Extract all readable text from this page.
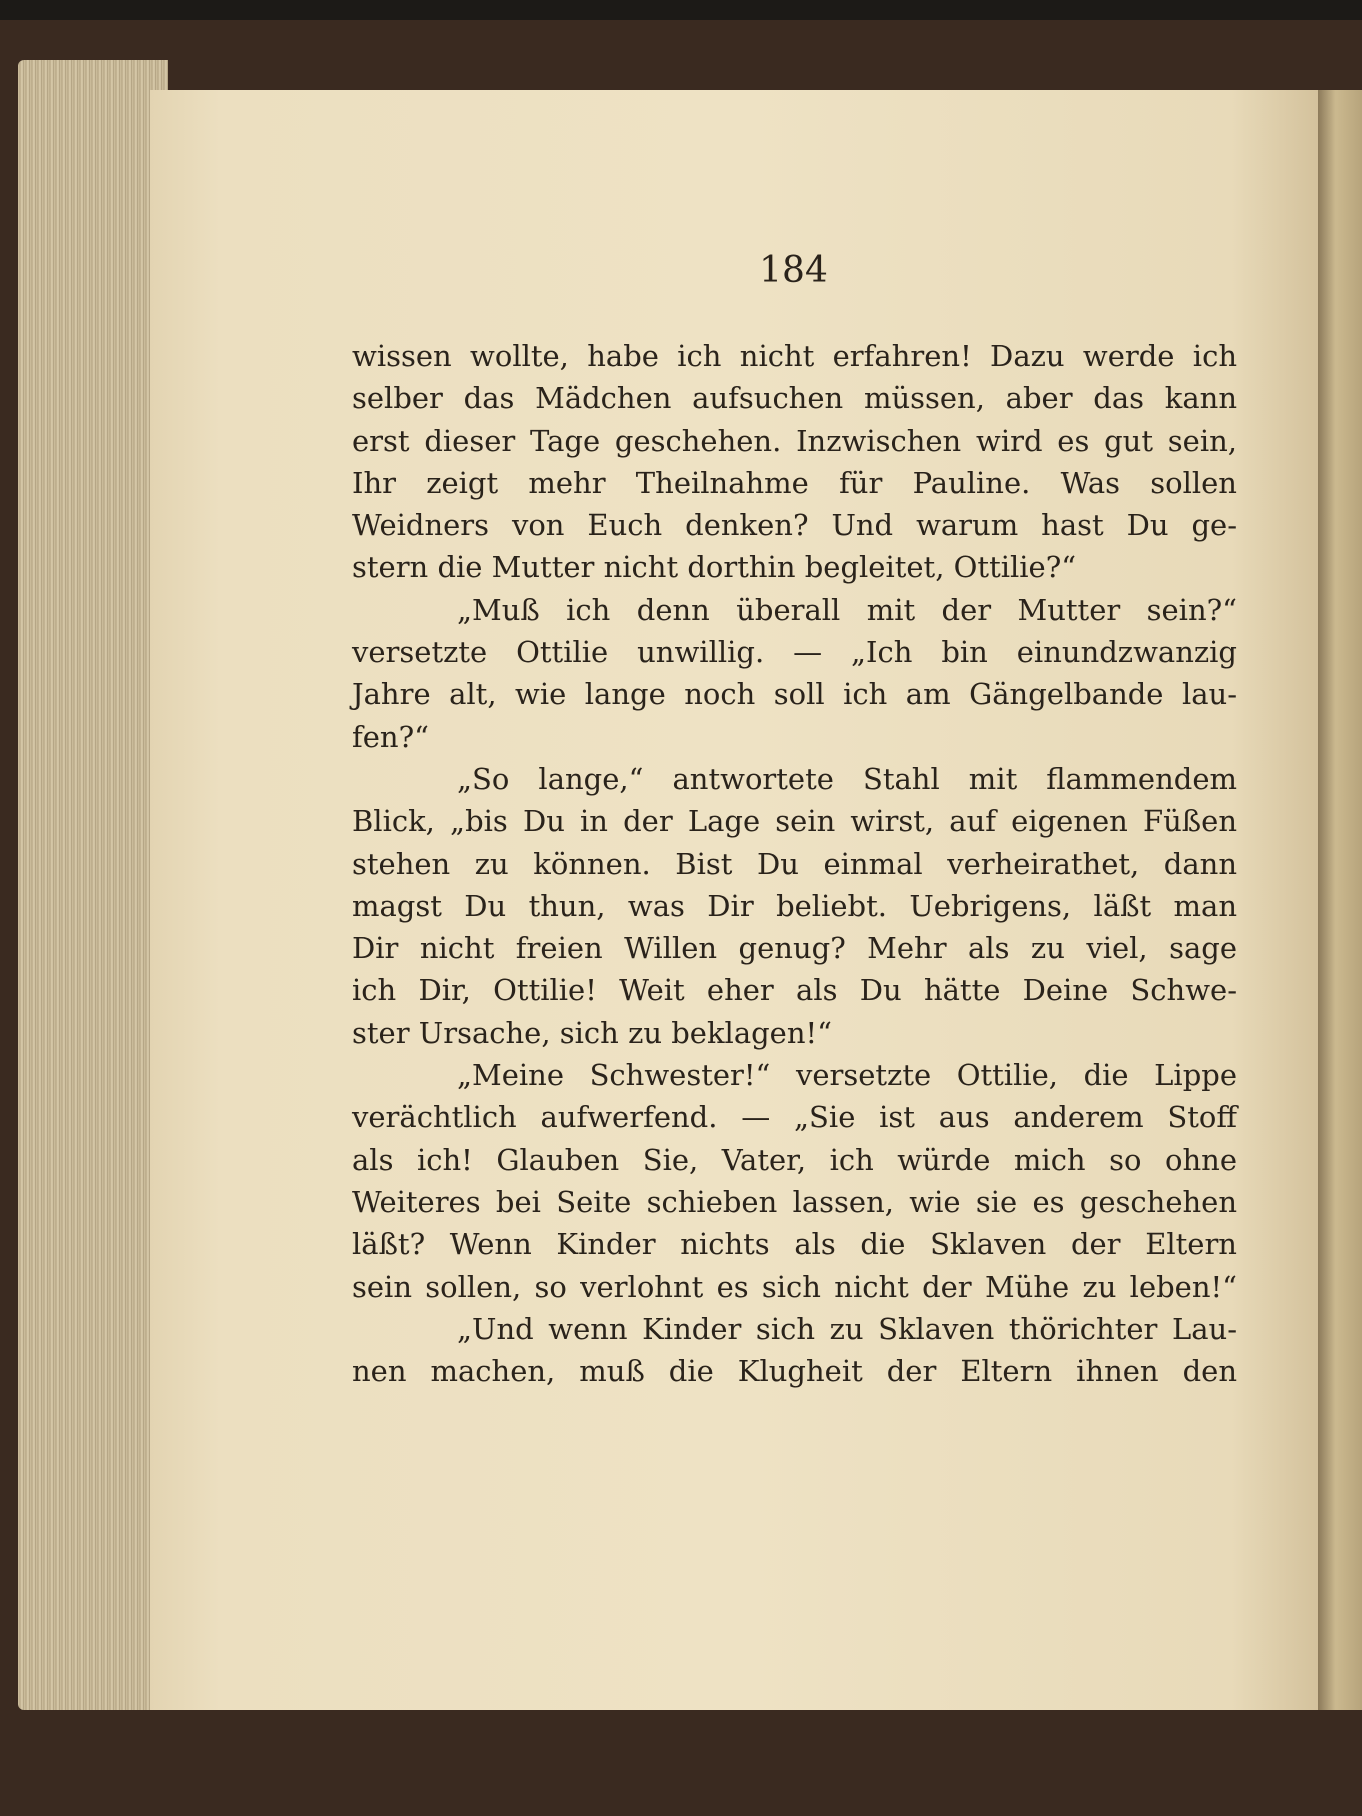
184
wissen wollte, habe ich nicht erfahren! Dazu werde ich
selber das Mädchen aufsuchen müssen, aber das kann
erst dieser Tage geschehen. Inzwischen wird es gut sein,
Ihr zeigt mehr Theilnahme für Pauline. Was sollen
Weidners von Euch denken? Und warum hast Du ge-
stern die Mutter nicht dorthin begleitet, Ottilie?“
„Muß ich denn überall mit der Mutter sein?“
versetzte Ottilie unwillig. — „Ich bin einundzwanzig
Jahre alt, wie lange noch soll ich am Gängelbande lau-
fen?“
„So lange,“ antwortete Stahl mit flammendem
Blick, „bis Du in der Lage sein wirst, auf eigenen Füßen
stehen zu können. Bist Du einmal verheirathet, dann
magst Du thun, was Dir beliebt. Uebrigens, läßt man
Dir nicht freien Willen genug? Mehr als zu viel, sage
ich Dir, Ottilie! Weit eher als Du hätte Deine Schwe-
ster Ursache, sich zu beklagen!“
„Meine Schwester!“ versetzte Ottilie, die Lippe
verächtlich aufwerfend. — „Sie ist aus anderem Stoff
als ich! Glauben Sie, Vater, ich würde mich so ohne
Weiteres bei Seite schieben lassen, wie sie es geschehen
läßt? Wenn Kinder nichts als die Sklaven der Eltern
sein sollen, so verlohnt es sich nicht der Mühe zu leben!“
„Und wenn Kinder sich zu Sklaven thörichter Lau-
nen machen, muß die Klugheit der Eltern ihnen den
